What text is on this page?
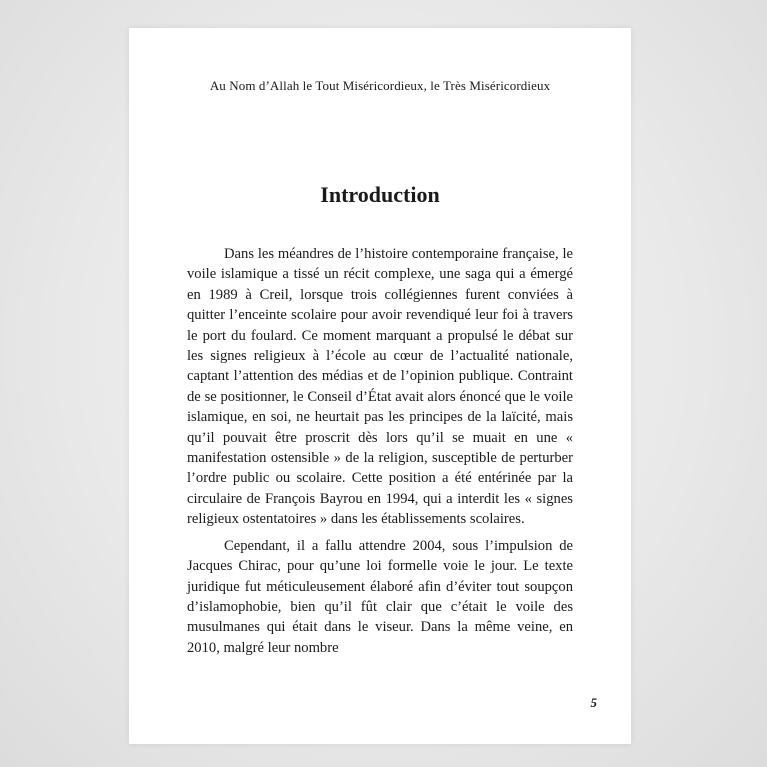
Au Nom d’Allah le Tout Miséricordieux, le Très Miséricordieux
Introduction

Dans les méandres de l’histoire contemporaine française, le voile islamique a tissé un récit complexe, une saga qui a émergé en 1989 à Creil, lorsque trois collégiennes furent conviées à quitter l’enceinte scolaire pour avoir revendiqué leur foi à travers le port du foulard. Ce moment marquant a propulsé le débat sur les signes religieux à l’école au cœur de l’actualité nationale, captant l’attention des médias et de l’opinion publique. Contraint de se positionner, le Conseil d’État avait alors énoncé que le voile islamique, en soi, ne heurtait pas les principes de la laïcité, mais qu’il pouvait être proscrit dès lors qu’il se muait en une « manifestation ostensible » de la religion, susceptible de perturber l’ordre public ou scolaire. Cette position a été entérinée par la circulaire de François Bayrou en 1994, qui a interdit les « signes religieux ostentatoires » dans les établissements scolaires.

Cependant, il a fallu attendre 2004, sous l’impulsion de Jacques Chirac, pour qu’une loi formelle voie le jour. Le texte juridique fut méticuleusement élaboré afin d’éviter tout soupçon d’islamophobie, bien qu’il fût clair que c’était le voile des musulmanes qui était dans le viseur. Dans la même veine, en 2010, malgré leur nombre

5
